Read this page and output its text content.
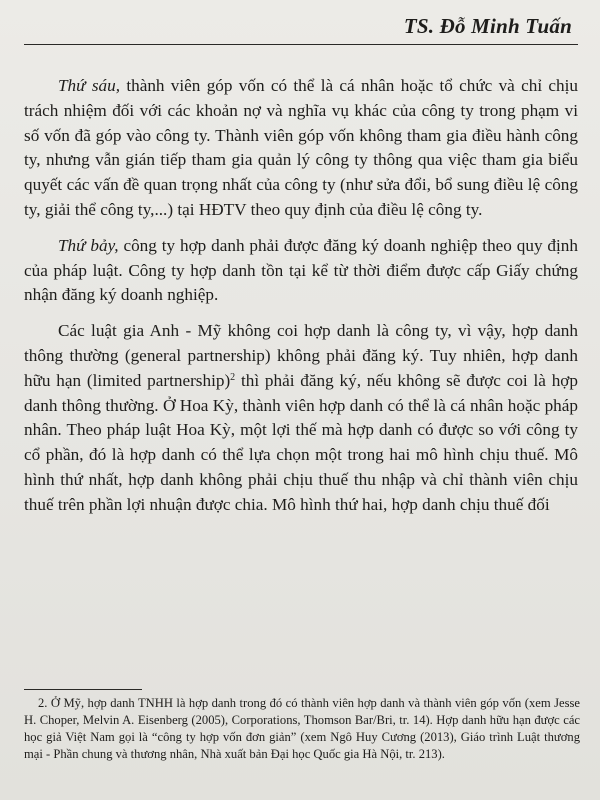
TS. Đỗ Minh Tuấn

Thứ sáu, thành viên góp vốn có thể là cá nhân hoặc tổ chức và chỉ chịu trách nhiệm đối với các khoản nợ và nghĩa vụ khác của công ty trong phạm vi số vốn đã góp vào công ty. Thành viên góp vốn không tham gia điều hành công ty, nhưng vẫn gián tiếp tham gia quản lý công ty thông qua việc tham gia biểu quyết các vấn đề quan trọng nhất của công ty (như sửa đổi, bổ sung điều lệ công ty, giải thể công ty,...) tại HĐTV theo quy định của điều lệ công ty.

Thứ bảy, công ty hợp danh phải được đăng ký doanh nghiệp theo quy định của pháp luật. Công ty hợp danh tồn tại kể từ thời điểm được cấp Giấy chứng nhận đăng ký doanh nghiệp.

Các luật gia Anh - Mỹ không coi hợp danh là công ty, vì vậy, hợp danh thông thường (general partnership) không phải đăng ký. Tuy nhiên, hợp danh hữu hạn (limited partnership)$^2$ thì phải đăng ký, nếu không sẽ được coi là hợp danh thông thường. Ở Hoa Kỳ, thành viên hợp danh có thể là cá nhân hoặc pháp nhân. Theo pháp luật Hoa Kỳ, một lợi thế mà hợp danh có được so với công ty cổ phần, đó là hợp danh có thể lựa chọn một trong hai mô hình chịu thuế. Mô hình thứ nhất, hợp danh không phải chịu thuế thu nhập và chỉ thành viên chịu thuế trên phần lợi nhuận được chia. Mô hình thứ hai, hợp danh chịu thuế đối

2. Ở Mỹ, hợp danh TNHH là hợp danh trong đó có thành viên hợp danh và thành viên góp vốn (xem Jesse H. Choper, Melvin A. Eisenberg (2005), Corporations, Thomson Bar/Bri, tr. 14). Hợp danh hữu hạn được các học giả Việt Nam gọi là “công ty hợp vốn đơn giản” (xem Ngô Huy Cương (2013), Giáo trình Luật thương mại - Phần chung và thương nhân, Nhà xuất bản Đại học Quốc gia Hà Nội, tr. 213).
